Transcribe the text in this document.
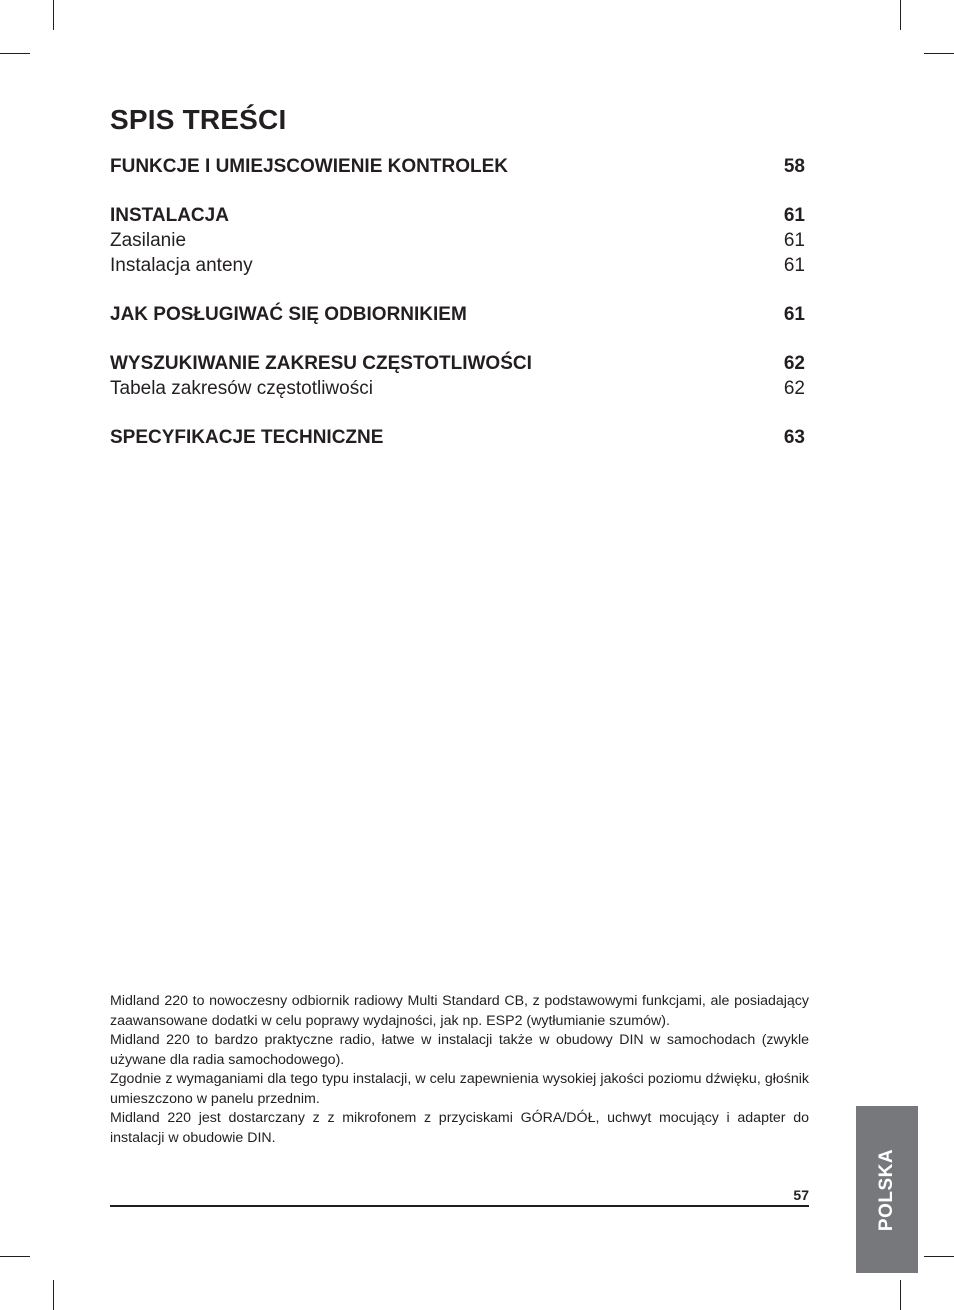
SPIS TREŚCI
FUNKCJE I UMIEJSCOWIENIE KONTROLEK	58
INSTALACJA	61
Zasilanie	61
Instalacja anteny	61
JAK POSŁUGIWAĆ SIĘ ODBIORNIKIEM	61
WYSZUKIWANIE ZAKRESU CZĘSTOTLIWOŚCI	62
Tabela zakresów częstotliwości	62
SPECYFIKACJE TECHNICZNE	63

Midland 220 to nowoczesny odbiornik radiowy Multi Standard CB, z podstawowymi funkcjami, ale posiadający zaawansowane dodatki w celu poprawy wydajności, jak np. ESP2 (wytłumianie szumów).

Midland 220 to bardzo praktyczne radio, łatwe w instalacji także w obudowy DIN w samochodach (zwykle używane dla radia samochodowego).

Zgodnie z wymaganiami dla tego typu instalacji, w celu zapewnienia wysokiej jakości poziomu dźwięku, głośnik umieszczono w panelu przednim.

Midland 220 jest dostarczany z z mikrofonem z przyciskami GÓRA/DÓŁ, uchwyt mocujący i adapter do instalacji w obudowie DIN.

57	POLSKA
